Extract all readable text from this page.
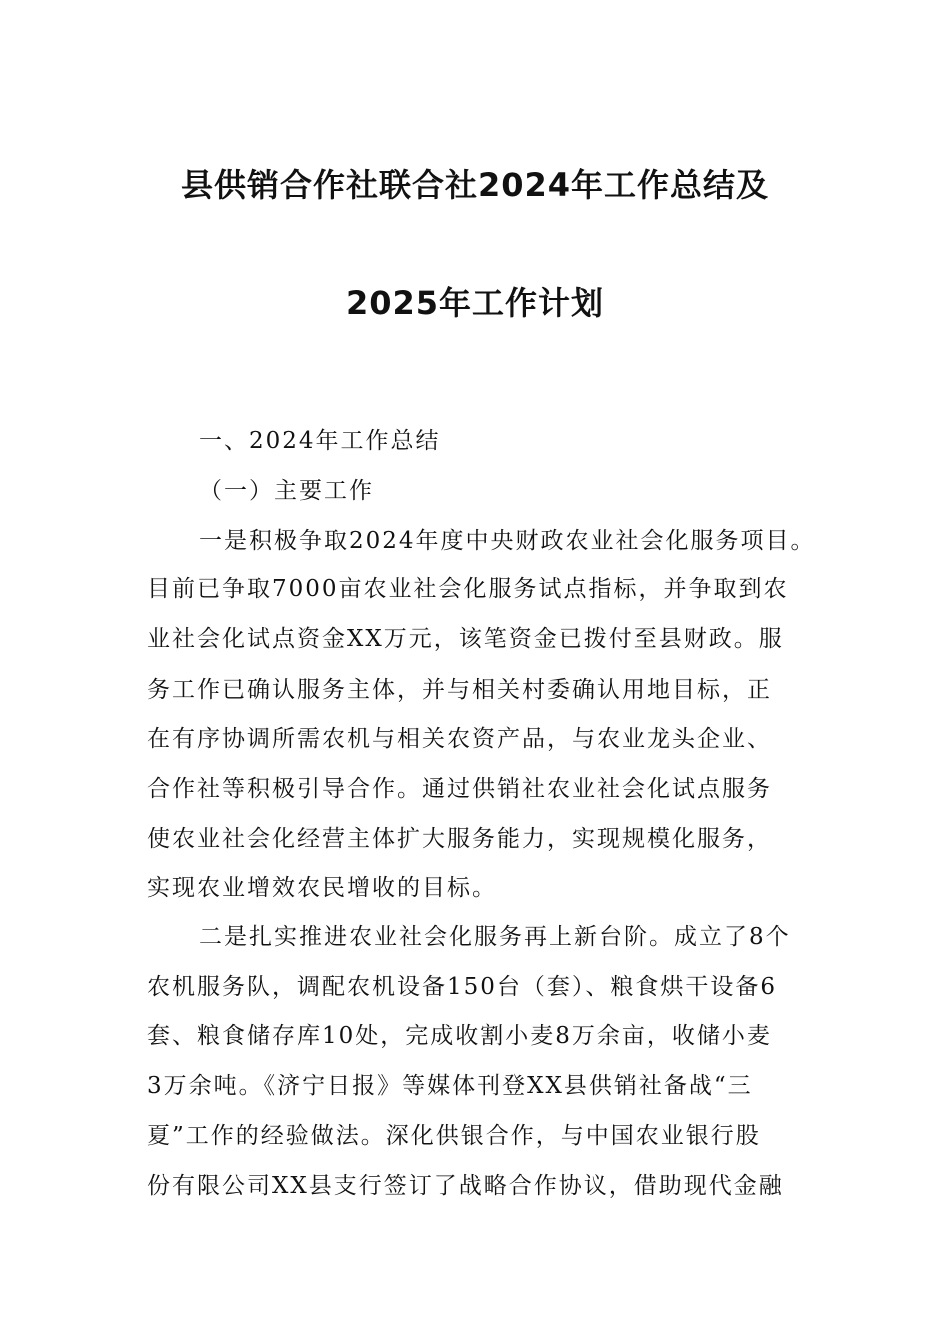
县供销合作社联合社2024年工作总结及
2025年工作计划
一、2024年工作总结
（一）主要工作
一是积极争取2024年度中央财政农业社会化服务项目。
目前已争取7000亩农业社会化服务试点指标，并争取到农
业社会化试点资金XX万元，该笔资金已拨付至县财政。服
务工作已确认服务主体，并与相关村委确认用地目标，正
在有序协调所需农机与相关农资产品，与农业龙头企业、
合作社等积极引导合作。通过供销社农业社会化试点服务
使农业社会化经营主体扩大服务能力，实现规模化服务，
实现农业增效农民增收的目标。
二是扎实推进农业社会化服务再上新台阶。成立了8个
农机服务队，调配农机设备150台（套）、粮食烘干设备6
套、粮食储存库10处，完成收割小麦8万余亩，收储小麦
3万余吨。《济宁日报》等媒体刊登XX县供销社备战“三
夏”工作的经验做法。深化供银合作，与中国农业银行股
份有限公司XX县支行签订了战略合作协议，借助现代金融
